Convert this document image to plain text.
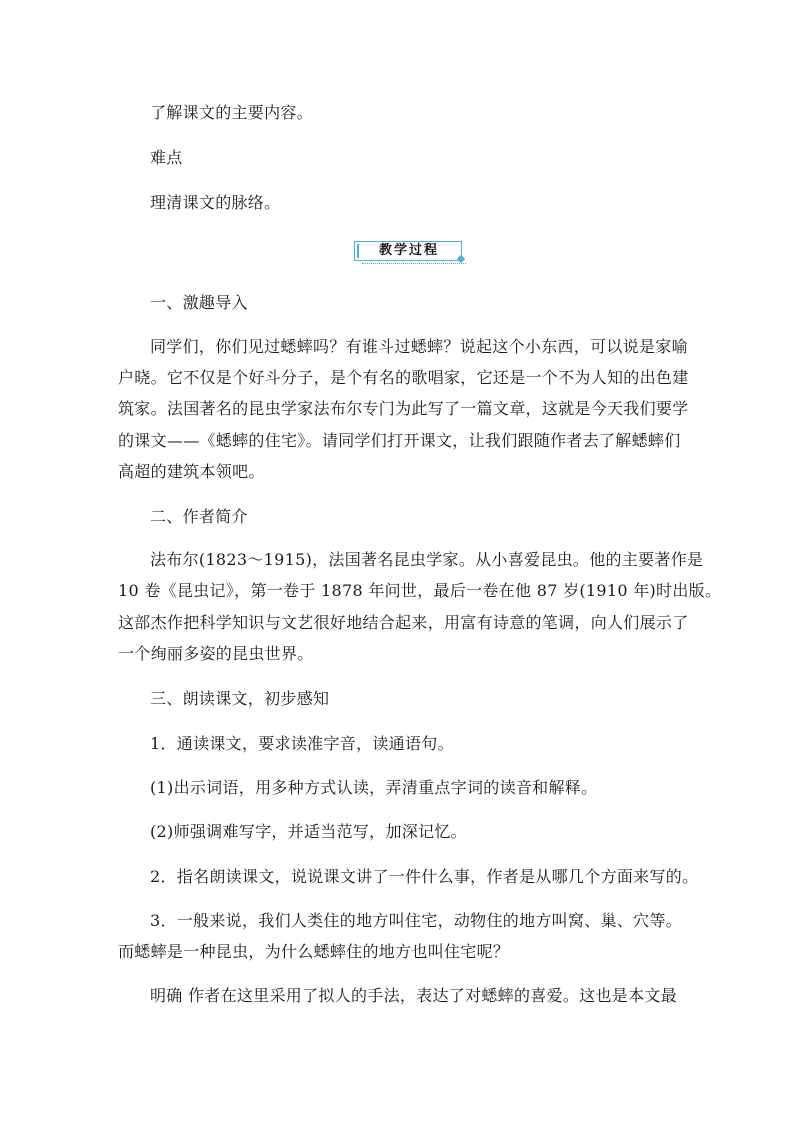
了解课文的主要内容。
难点
理清课文的脉络。
教学过程
一、激趣导入
同学们，你们见过蟋蟀吗？有谁斗过蟋蟀？说起这个小东西，可以说是家喻
户晓。它不仅是个好斗分子，是个有名的歌唱家，它还是一个不为人知的出色建
筑家。法国著名的昆虫学家法布尔专门为此写了一篇文章，这就是今天我们要学
的课文——《蟋蟀的住宅》。请同学们打开课文，让我们跟随作者去了解蟋蟀们
高超的建筑本领吧。
二、作者简介
法布尔(1823～1915)，法国著名昆虫学家。从小喜爱昆虫。他的主要著作是
10 卷《昆虫记》，第一卷于 1878 年问世，最后一卷在他 87 岁(1910 年)时出版。
这部杰作把科学知识与文艺很好地结合起来，用富有诗意的笔调，向人们展示了
一个绚丽多姿的昆虫世界。
三、朗读课文，初步感知
1．通读课文，要求读准字音，读通语句。
(1)出示词语，用多种方式认读，弄清重点字词的读音和解释。
(2)师强调难写字，并适当范写，加深记忆。
2．指名朗读课文，说说课文讲了一件什么事，作者是从哪几个方面来写的。
3．一般来说，我们人类住的地方叫住宅，动物住的地方叫窝、巢、穴等。
而蟋蟀是一种昆虫，为什么蟋蟀住的地方也叫住宅呢？
明确 作者在这里采用了拟人的手法，表达了对蟋蟀的喜爱。这也是本文最
